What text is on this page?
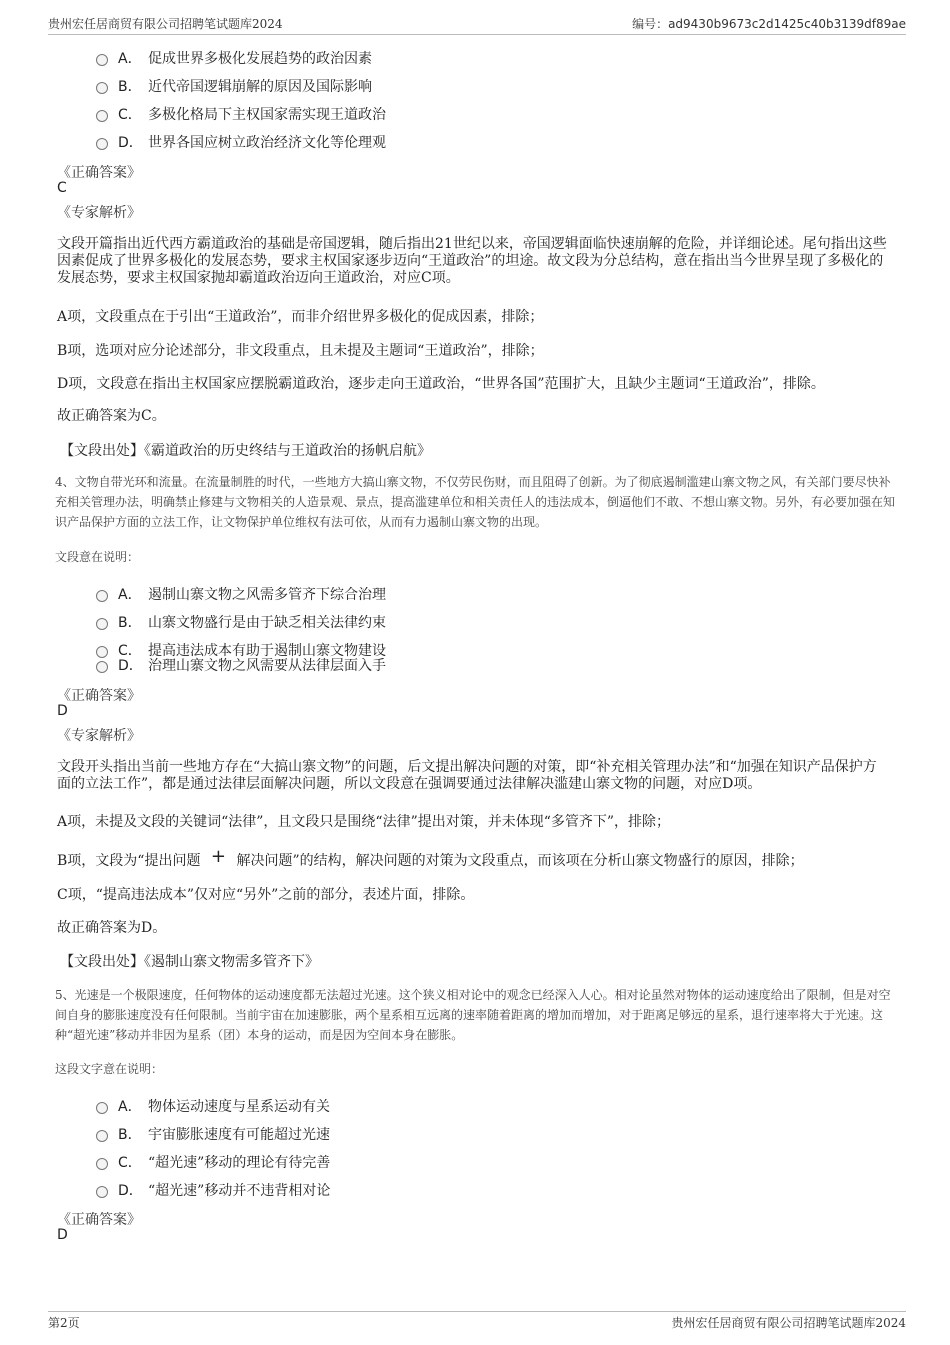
贵州宏任居商贸有限公司招聘笔试题库2024	编号：ad9430b9673c2d1425c40b3139df89ae
A． 促成世界多极化发展趋势的政治因素
B． 近代帝国逻辑崩解的原因及国际影响
C． 多极化格局下主权国家需实现王道政治
D． 世界各国应树立政治经济文化等伦理观
《正确答案》
C
《专家解析》
文段开篇指出近代西方霸道政治的基础是帝国逻辑，随后指出21世纪以来，帝国逻辑面临快速崩解的危险，并详细论述。尾句指出这些因素促成了世界多极化的发展态势，要求主权国家逐步迈向“王道政治”的坦途。故文段为分总结构，意在指出当今世界呈现了多极化的发展态势，要求主权国家抛却霸道政治迈向王道政治，对应C项。
A项，文段重点在于引出“王道政治”，而非介绍世界多极化的促成因素，排除；
B项，选项对应分论述部分，非文段重点，且未提及主题词“王道政治”，排除；
D项，文段意在指出主权国家应摆脱霸道政治，逐步走向王道政治，“世界各国”范围扩大，且缺少主题词“王道政治”，排除。
故正确答案为C。
【文段出处】《霸道政治的历史终结与王道政治的扬帆启航》
4、文物自带光环和流量。在流量制胜的时代，一些地方大搞山寨文物，不仅劳民伤财，而且阻碍了创新。为了彻底遏制滥建山寨文物之风，有关部门要尽快补充相关管理办法，明确禁止修建与文物相关的人造景观、景点，提高滥建单位和相关责任人的违法成本，倒逼他们不敢、不想山寨文物。另外，有必要加强在知识产品保护方面的立法工作，让文物保护单位维权有法可依，从而有力遏制山寨文物的出现。
文段意在说明：
A． 遏制山寨文物之风需多管齐下综合治理
B． 山寨文物盛行是由于缺乏相关法律约束
C． 提高违法成本有助于遏制山寨文物建设
D． 治理山寨文物之风需要从法律层面入手
《正确答案》
D
《专家解析》
文段开头指出当前一些地方存在“大搞山寨文物”的问题，后文提出解决问题的对策，即“补充相关管理办法”和“加强在知识产品保护方面的立法工作”，都是通过法律层面解决问题，所以文段意在强调要通过法律解决滥建山寨文物的问题，对应D项。
A项，未提及文段的关键词“法律”，且文段只是围绕“法律”提出对策，并未体现“多管齐下”，排除；
B项，文段为“提出问题 + 解决问题”的结构，解决问题的对策为文段重点，而该项在分析山寨文物盛行的原因，排除；
C项，“提高违法成本”仅对应“另外”之前的部分，表述片面，排除。
故正确答案为D。
【文段出处】《遏制山寨文物需多管齐下》
5、光速是一个极限速度，任何物体的运动速度都无法超过光速。这个狭义相对论中的观念已经深入人心。相对论虽然对物体的运动速度给出了限制，但是对空间自身的膨胀速度没有任何限制。当前宇宙在加速膨胀，两个星系相互远离的速率随着距离的增加而增加，对于距离足够远的星系，退行速率将大于光速。这种“超光速”移动并非因为星系（团）本身的运动，而是因为空间本身在膨胀。
这段文字意在说明：
A． 物体运动速度与星系运动有关
B． 宇宙膨胀速度有可能超过光速
C． “超光速”移动的理论有待完善
D． “超光速”移动并不违背相对论
《正确答案》
D
第2页	贵州宏任居商贸有限公司招聘笔试题库2024
